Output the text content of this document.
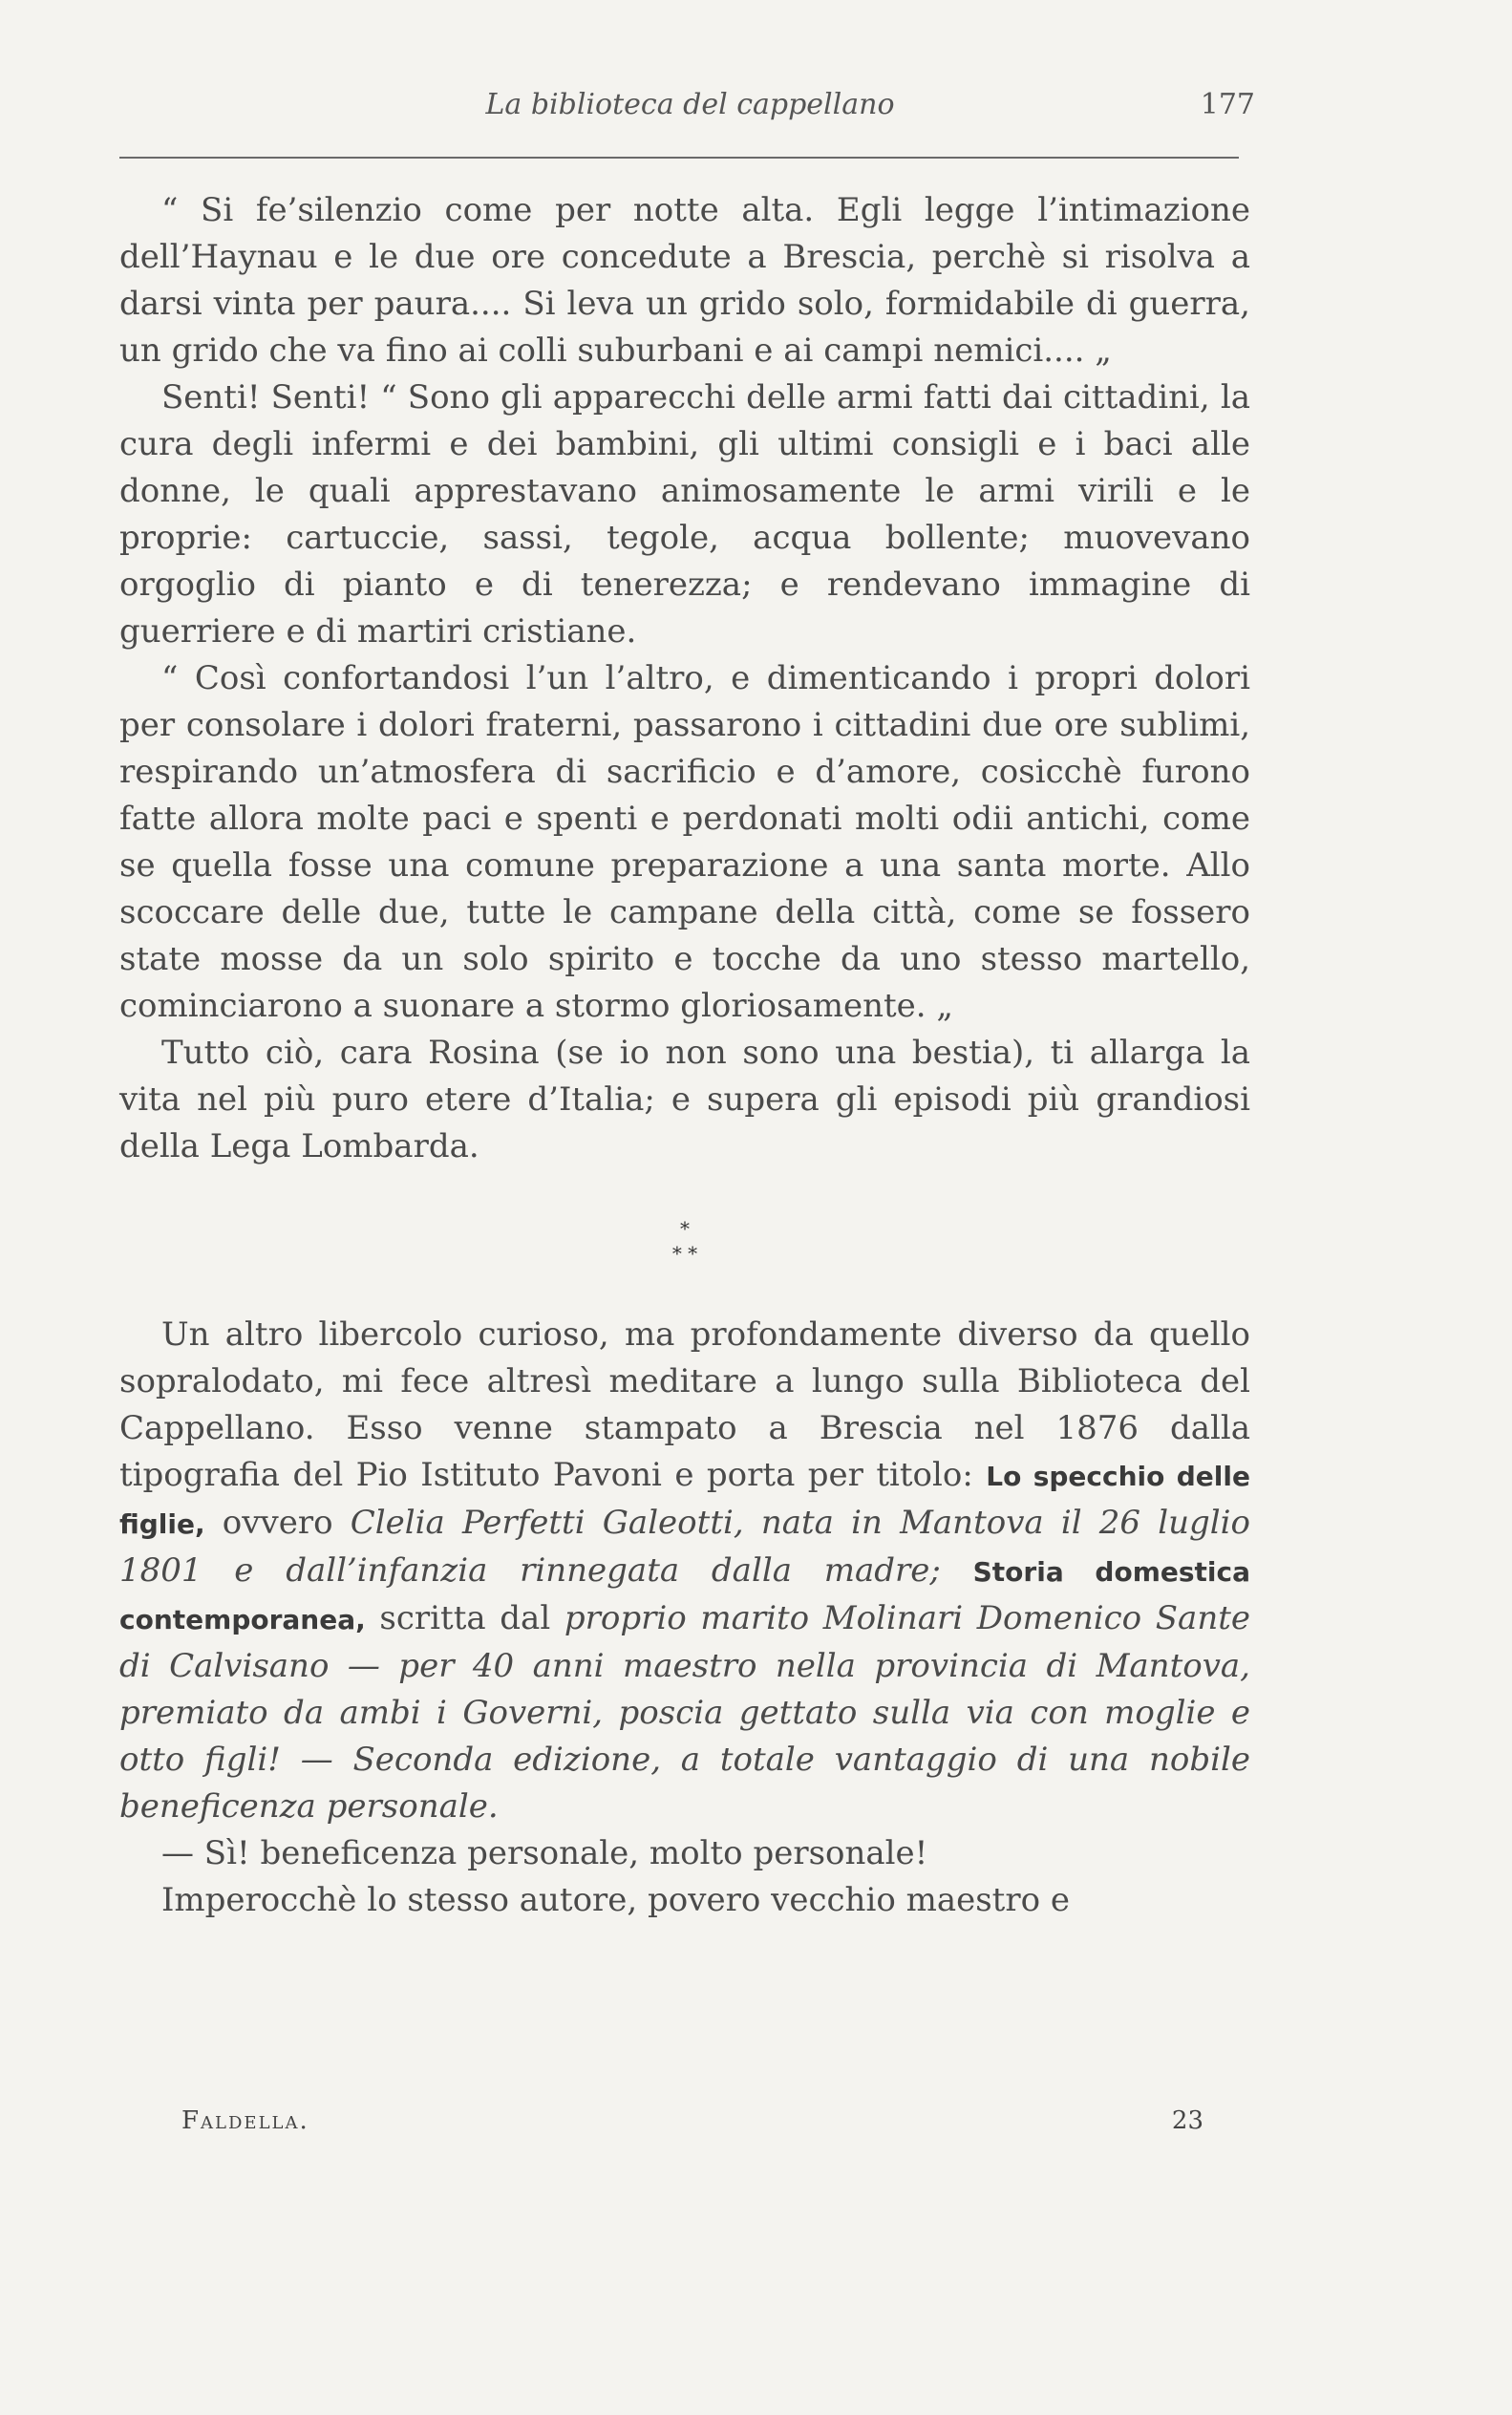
La biblioteca del cappellano	177

“ Si fe’silenzio come per notte alta. Egli legge l’intimazione dell’Haynau e le due ore concedute a Brescia, perchè si risolva a darsi vinta per paura.... Si leva un grido solo, formidabile di guerra, un grido che va fino ai colli suburbani e ai campi nemici.... „

Senti! Senti! “ Sono gli apparecchi delle armi fatti dai cittadini, la cura degli infermi e dei bambini, gli ultimi consigli e i baci alle donne, le quali apprestavano animosamente le armi virili e le proprie: cartuccie, sassi, tegole, acqua bollente; muovevano orgoglio di pianto e di tenerezza; e rendevano immagine di guerriere e di martiri cristiane.

“ Così confortandosi l’un l’altro, e dimenticando i propri dolori per consolare i dolori fraterni, passarono i cittadini due ore sublimi, respirando un’atmosfera di sacrificio e d’amore, cosicchè furono fatte allora molte paci e spenti e perdonati molti odii antichi, come se quella fosse una comune preparazione a una santa morte. Allo scoccare delle due, tutte le campane della città, come se fossero state mosse da un solo spirito e tocche da uno stesso martello, cominciarono a suonare a stormo gloriosamente. „

Tutto ciò, cara Rosina (se io non sono una bestia), ti allarga la vita nel più puro etere d’Italia; e supera gli episodi più grandiosi della Lega Lombarda.

*
* *

Un altro libercolo curioso, ma profondamente diverso da quello sopralodato, mi fece altresì meditare a lungo sulla Biblioteca del Cappellano. Esso venne stampato a Brescia nel 1876 dalla tipografia del Pio Istituto Pavoni e porta per titolo: Lo specchio delle figlie, ovvero Clelia Perfetti Galeotti, nata in Mantova il 26 luglio 1801 e dall’infanzia rinnegata dalla madre; Storia domestica contemporanea, scritta dal proprio marito Molinari Domenico Sante di Calvisano — per 40 anni maestro nella provincia di Mantova, premiato da ambi i Governi, poscia gettato sulla via con moglie e otto figli! — Seconda edizione, a totale vantaggio di una nobile beneficenza personale.

— Sì! beneficenza personale, molto personale!

Imperocchè lo stesso autore, povero vecchio maestro e

Faldella.	23
